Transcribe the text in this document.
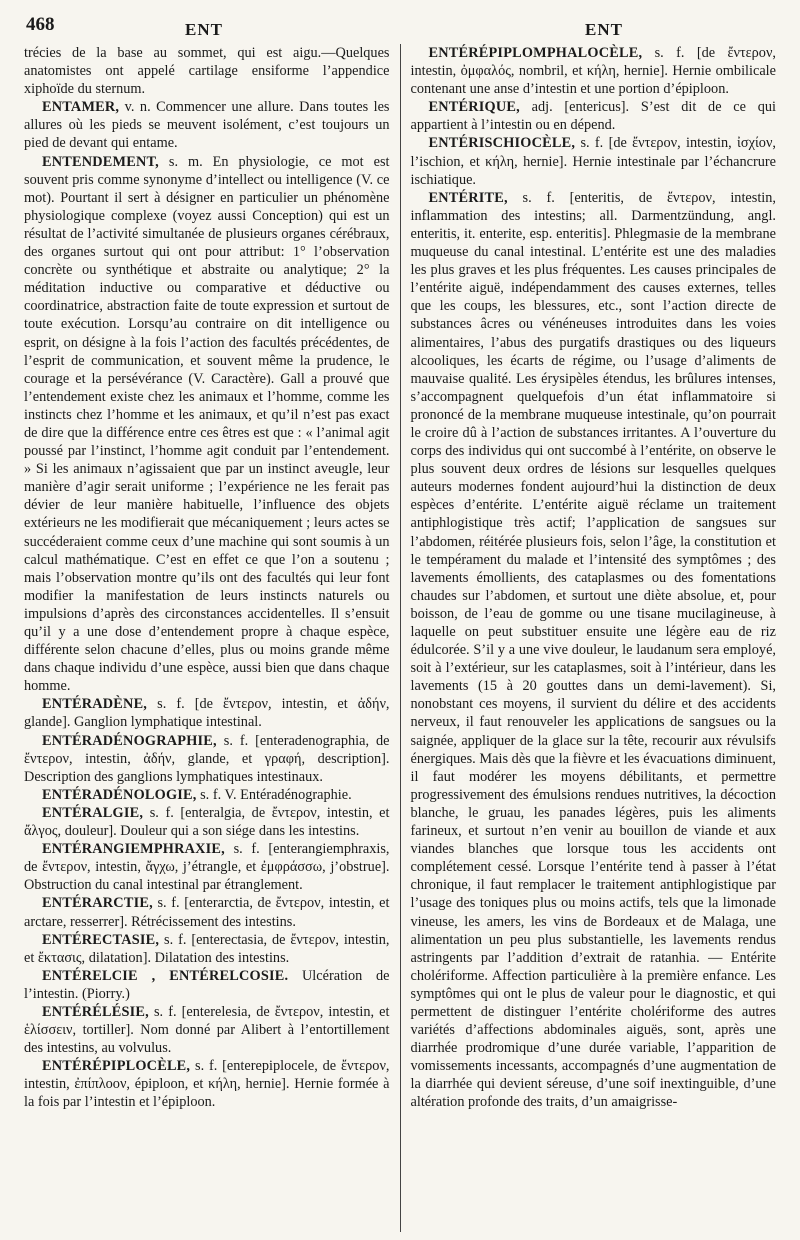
468	ENT	ENT

trécies de la base au sommet, qui est aigu.—Quelques anatomistes ont appelé cartilage ensiforme l’appendice xiphoïde du sternum.

ENTAMER, v. n. Commencer une allure. Dans toutes les allures où les pieds se meuvent isolément, c’est toujours un pied de devant qui entame.

ENTENDEMENT, s. m. En physiologie, ce mot est souvent pris comme synonyme d’intellect ou intelligence (V. ce mot). Pourtant il sert à désigner en particulier un phénomène physiologique complexe (voyez aussi Conception) qui est un résultat de l’activité simultanée de plusieurs organes cérébraux, des organes surtout qui ont pour attribut: 1° l’observation concrète ou synthétique et abstraite ou analytique; 2° la méditation inductive ou comparative et déductive ou coordinatrice, abstraction faite de toute expression et surtout de toute exécution. Lorsqu’au contraire on dit intelligence ou esprit, on désigne à la fois l’action des facultés précédentes, de l’esprit de communication, et souvent même la prudence, le courage et la persévérance (V. Caractère). Gall a prouvé que l’entendement existe chez les animaux et l’homme, comme les instincts chez l’homme et les animaux, et qu’il n’est pas exact de dire que la différence entre ces êtres est que : « l’animal agit poussé par l’instinct, l’homme agit conduit par l’entendement. » Si les animaux n’agissaient que par un instinct aveugle, leur manière d’agir serait uniforme ; l’expérience ne les ferait pas dévier de leur manière habituelle, l’influence des objets extérieurs ne les modifierait que mécaniquement ; leurs actes se succéderaient comme ceux d’une machine qui sont soumis à un calcul mathématique. C’est en effet ce que l’on a soutenu ; mais l’observation montre qu’ils ont des facultés qui leur font modifier la manifestation de leurs instincts naturels ou impulsions d’après des circonstances accidentelles. Il s’ensuit qu’il y a une dose d’entendement propre à chaque espèce, différente selon chacune d’elles, plus ou moins grande même dans chaque individu d’une espèce, aussi bien que dans chaque homme.

ENTÉRADÈNE, s. f. [de ἔντερον, intestin, et ἀδήν, glande]. Ganglion lymphatique intestinal.

ENTÉRADÉNOGRAPHIE, s. f. [enteradenographia, de ἔντερον, intestin, ἀδήν, glande, et γραφή, description]. Description des ganglions lymphatiques intestinaux.

ENTÉRADÉNOLOGIE, s. f. V. Entéradénographie.

ENTÉRALGIE, s. f. [enteralgia, de ἔντερον, intestin, et ἄλγος, douleur]. Douleur qui a son siége dans les intestins.

ENTÉRANGIEMPHRAXIE, s. f. [enterangiemphraxis, de ἔντερον, intestin, ἄγχω, j’étrangle, et ἐμφράσσω, j’obstrue]. Obstruction du canal intestinal par étranglement.

ENTÉRARCTIE, s. f. [enterarctia, de ἔντερον, intestin, et arctare, resserrer]. Rétrécissement des intestins.

ENTÉRECTASIE, s. f. [enterectasia, de ἔντερον, intestin, et ἔκτασις, dilatation]. Dilatation des intestins.

ENTÉRELCIE , ENTÉRELCOSIE. Ulcération de l’intestin. (Piorry.)

ENTÉRÉLÉSIE, s. f. [enterelesia, de ἔντερον, intestin, et ἑλίσσειν, tortiller]. Nom donné par Alibert à l’entortillement des intestins, au volvulus.

ENTÉRÉPIPLOCÈLE, s. f. [enterepiplocele, de ἔντερον, intestin, ἐπίπλοον, épiploon, et κήλη, hernie]. Hernie formée à la fois par l’intestin et l’épiploon.

ENTÉRÉPIPLOMPHALOCÈLE, s. f. [de ἔντερον, intestin, ὀμφαλός, nombril, et κήλη, hernie]. Hernie ombilicale contenant une anse d’intestin et une portion d’épiploon.

ENTÉRIQUE, adj. [entericus]. S’est dit de ce qui appartient à l’intestin ou en dépend.

ENTÉRISCHIOCÈLE, s. f. [de ἔντερον, intestin, ἰσχίον, l’ischion, et κήλη, hernie]. Hernie intestinale par l’échancrure ischiatique.

ENTÉRITE, s. f. [enteritis, de ἔντερον, intestin, inflammation des intestins; all. Darmentzündung, angl. enteritis, it. enterite, esp. enteritis]. Phlegmasie de la membrane muqueuse du canal intestinal. L’entérite est une des maladies les plus graves et les plus fréquentes. Les causes principales de l’entérite aiguë, indépendamment des causes externes, telles que les coups, les blessures, etc., sont l’action directe de substances âcres ou vénéneuses introduites dans les voies alimentaires, l’abus des purgatifs drastiques ou des liqueurs alcooliques, les écarts de régime, ou l’usage d’aliments de mauvaise qualité. Les érysipèles étendus, les brûlures intenses, s’accompagnent quelquefois d’un état inflammatoire si prononcé de la membrane muqueuse intestinale, qu’on pourrait le croire dû à l’action de substances irritantes. A l’ouverture du corps des individus qui ont succombé à l’entérite, on observe le plus souvent deux ordres de lésions sur lesquelles quelques auteurs modernes fondent aujourd’hui la distinction de deux espèces d’entérite. L’entérite aiguë réclame un traitement antiphlogistique très actif; l’application de sangsues sur l’abdomen, réitérée plusieurs fois, selon l’âge, la constitution et le tempérament du malade et l’intensité des symptômes ; des lavements émollients, des cataplasmes ou des fomentations chaudes sur l’abdomen, et surtout une diète absolue, et, pour boisson, de l’eau de gomme ou une tisane mucilagineuse, à laquelle on peut substituer ensuite une légère eau de riz édulcorée. S’il y a une vive douleur, le laudanum sera employé, soit à l’extérieur, sur les cataplasmes, soit à l’intérieur, dans les lavements (15 à 20 gouttes dans un demi-lavement). Si, nonobstant ces moyens, il survient du délire et des accidents nerveux, il faut renouveler les applications de sangsues ou la saignée, appliquer de la glace sur la tête, recourir aux révulsifs énergiques. Mais dès que la fièvre et les évacuations diminuent, il faut modérer les moyens débilitants, et permettre progressivement des émulsions rendues nutritives, la décoction blanche, le gruau, les panades légères, puis les aliments farineux, et surtout n’en venir au bouillon de viande et aux viandes blanches que lorsque tous les accidents ont complétement cessé. Lorsque l’entérite tend à passer à l’état chronique, il faut remplacer le traitement antiphlogistique par l’usage des toniques plus ou moins actifs, tels que la limonade vineuse, les amers, les vins de Bordeaux et de Malaga, une alimentation un peu plus substantielle, les lavements rendus astringents par l’addition d’extrait de ratanhia. — Entérite cholériforme. Affection particulière à la première enfance. Les symptômes qui ont le plus de valeur pour le diagnostic, et qui permettent de distinguer l’entérite cholériforme des autres variétés d’affections abdominales aiguës, sont, après une diarrhée prodromique d’une durée variable, l’apparition de vomissements incessants, accompagnés d’une augmentation de la diarrhée qui devient séreuse, d’une soif inextinguible, d’une altération profonde des traits, d’un amaigrisse-
